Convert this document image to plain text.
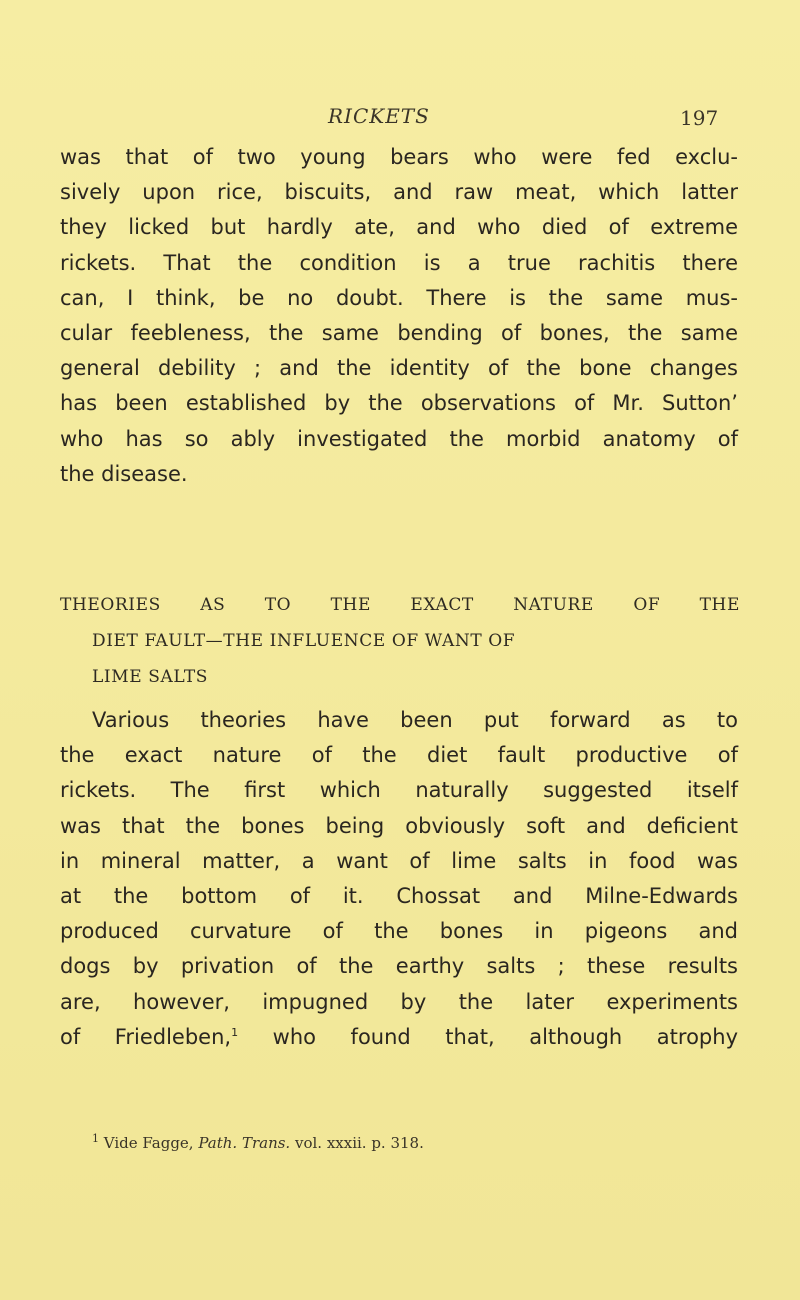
RICKETS	197
was that of two young bears who were fed exclu-
sively upon rice, biscuits, and raw meat, which latter
they licked but hardly ate, and who died of extreme
rickets. That the condition is a true rachitis there
can, I think, be no doubt. There is the same mus-
cular feebleness, the same bending of bones, the same
general debility ; and the identity of the bone changes
has been established by the observations of Mr. Sutton’
who has so ably investigated the morbid anatomy of
the disease.
THEORIES AS TO THE EXACT NATURE OF THE
DIET FAULT—THE INFLUENCE OF WANT OF
LIME SALTS
Various theories have been put forward as to
the exact nature of the diet fault productive of
rickets. The first which naturally suggested itself
was that the bones being obviously soft and deficient
in mineral matter, a want of lime salts in food was
at the bottom of it. Chossat and Milne-Edwards
produced curvature of the bones in pigeons and
dogs by privation of the earthy salts ; these results
are, however, impugned by the later experiments
of Friedleben,$^1$ who found that, although atrophy
$^1$ Vide Fagge, Path. Trans. vol. xxxii. p. 318.
